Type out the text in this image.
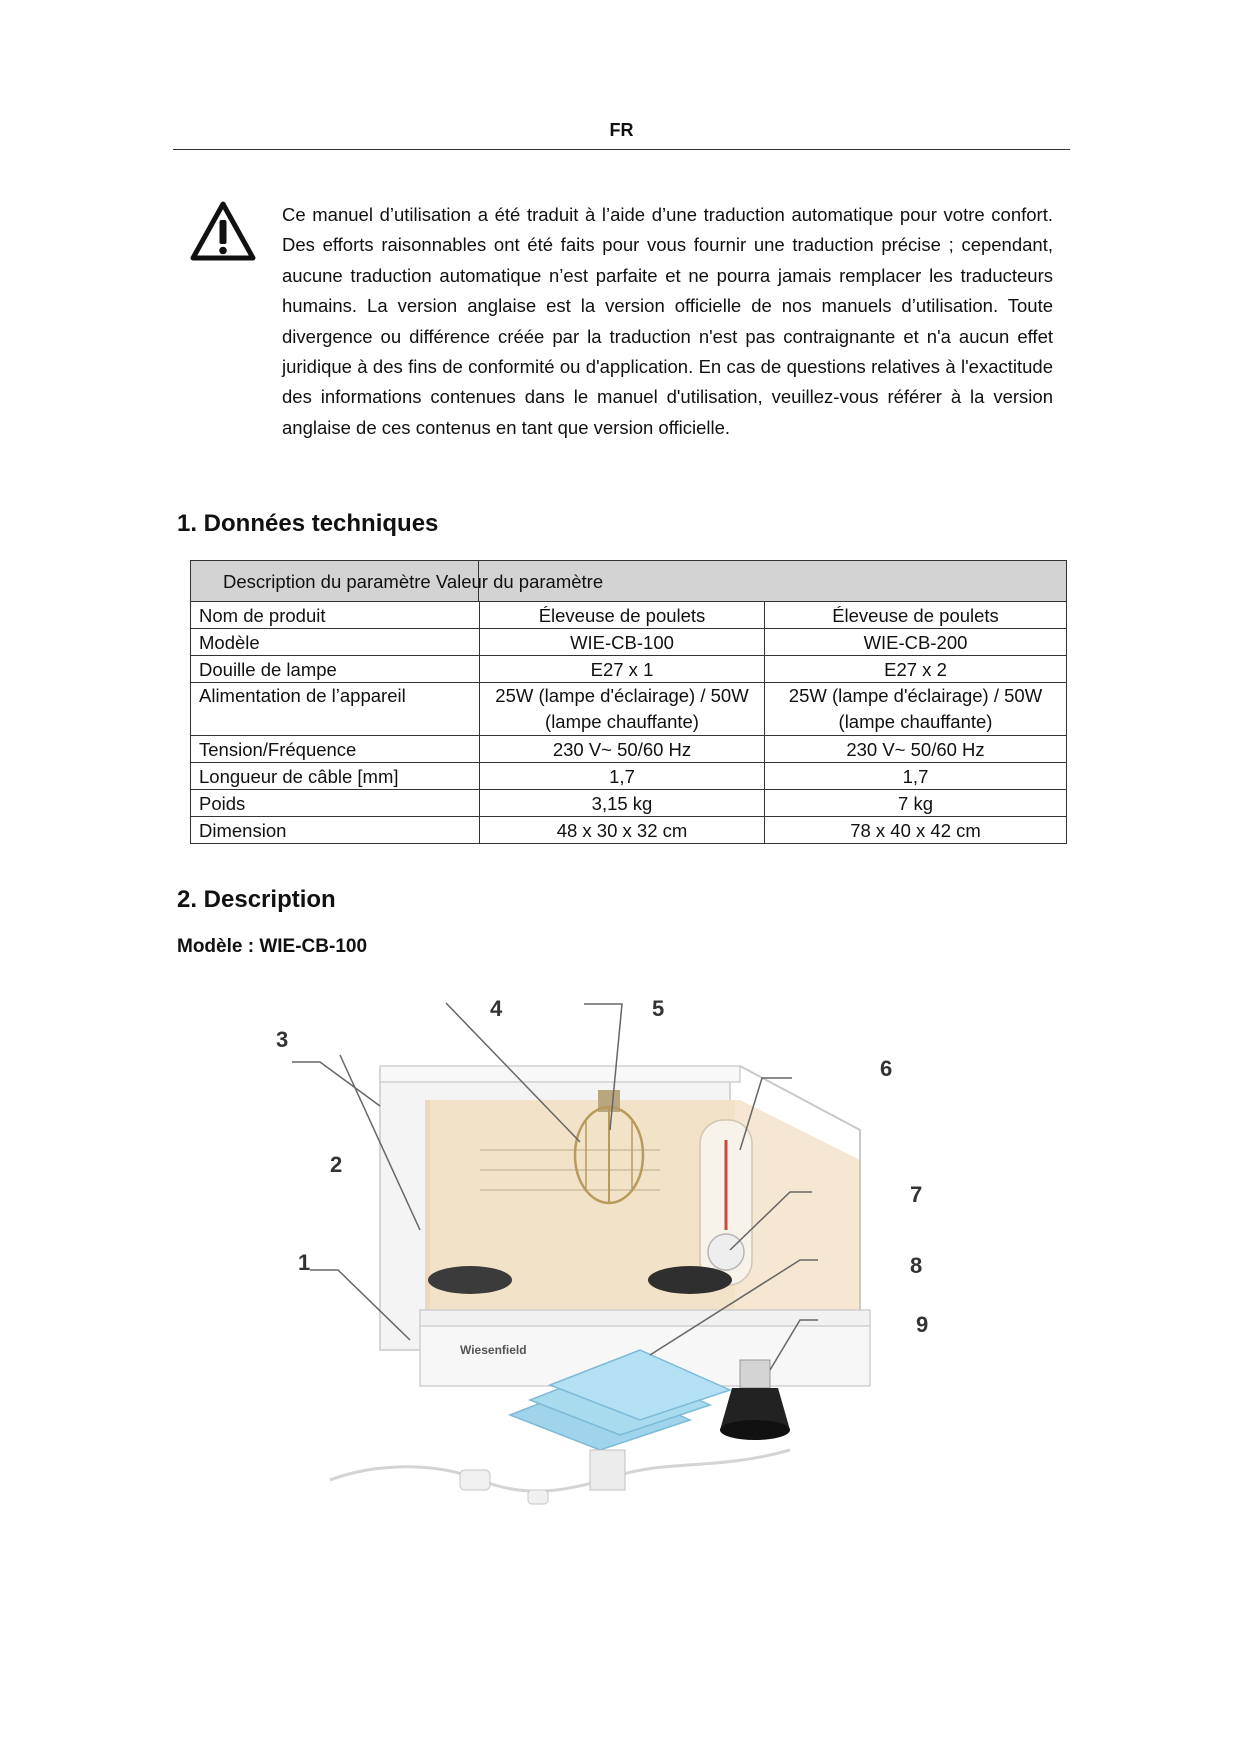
FR
Ce manuel d’utilisation a été traduit à l’aide d’une traduction automatique pour votre confort. Des efforts raisonnables ont été faits pour vous fournir une traduction précise ; cependant, aucune traduction automatique n’est parfaite et ne pourra jamais remplacer les traducteurs humains. La version anglaise est la version officielle de nos manuels d’utilisation. Toute divergence ou différence créée par la traduction n'est pas contraignante et n'a aucun effet juridique à des fins de conformité ou d'application. En cas de questions relatives à l'exactitude des informations contenues dans le manuel d'utilisation, veuillez-vous référer à la version anglaise de ces contenus en tant que version officielle.
1. Données techniques
Description du paramètre Valeur du paramètre		
Nom de produit	Éleveuse de poulets	Éleveuse de poulets
Modèle	WIE-CB-100	WIE-CB-200
Douille de lampe	E27 x 1	E27 x 2
Alimentation de l’appareil	25W (lampe d'éclairage) / 50W (lampe chauffante)	25W (lampe d'éclairage) / 50W (lampe chauffante)
Tension/Fréquence	230 V~ 50/60 Hz	230 V~ 50/60 Hz
Longueur de câble [mm]	1,7	1,7
Poids	3,15 kg	7 kg
Dimension	48 x 30 x 32 cm	78 x 40 x 42 cm
2. Description
Modèle : WIE-CB-100
Wiesenfield
1
2
3
4	5
6
7
8
9
